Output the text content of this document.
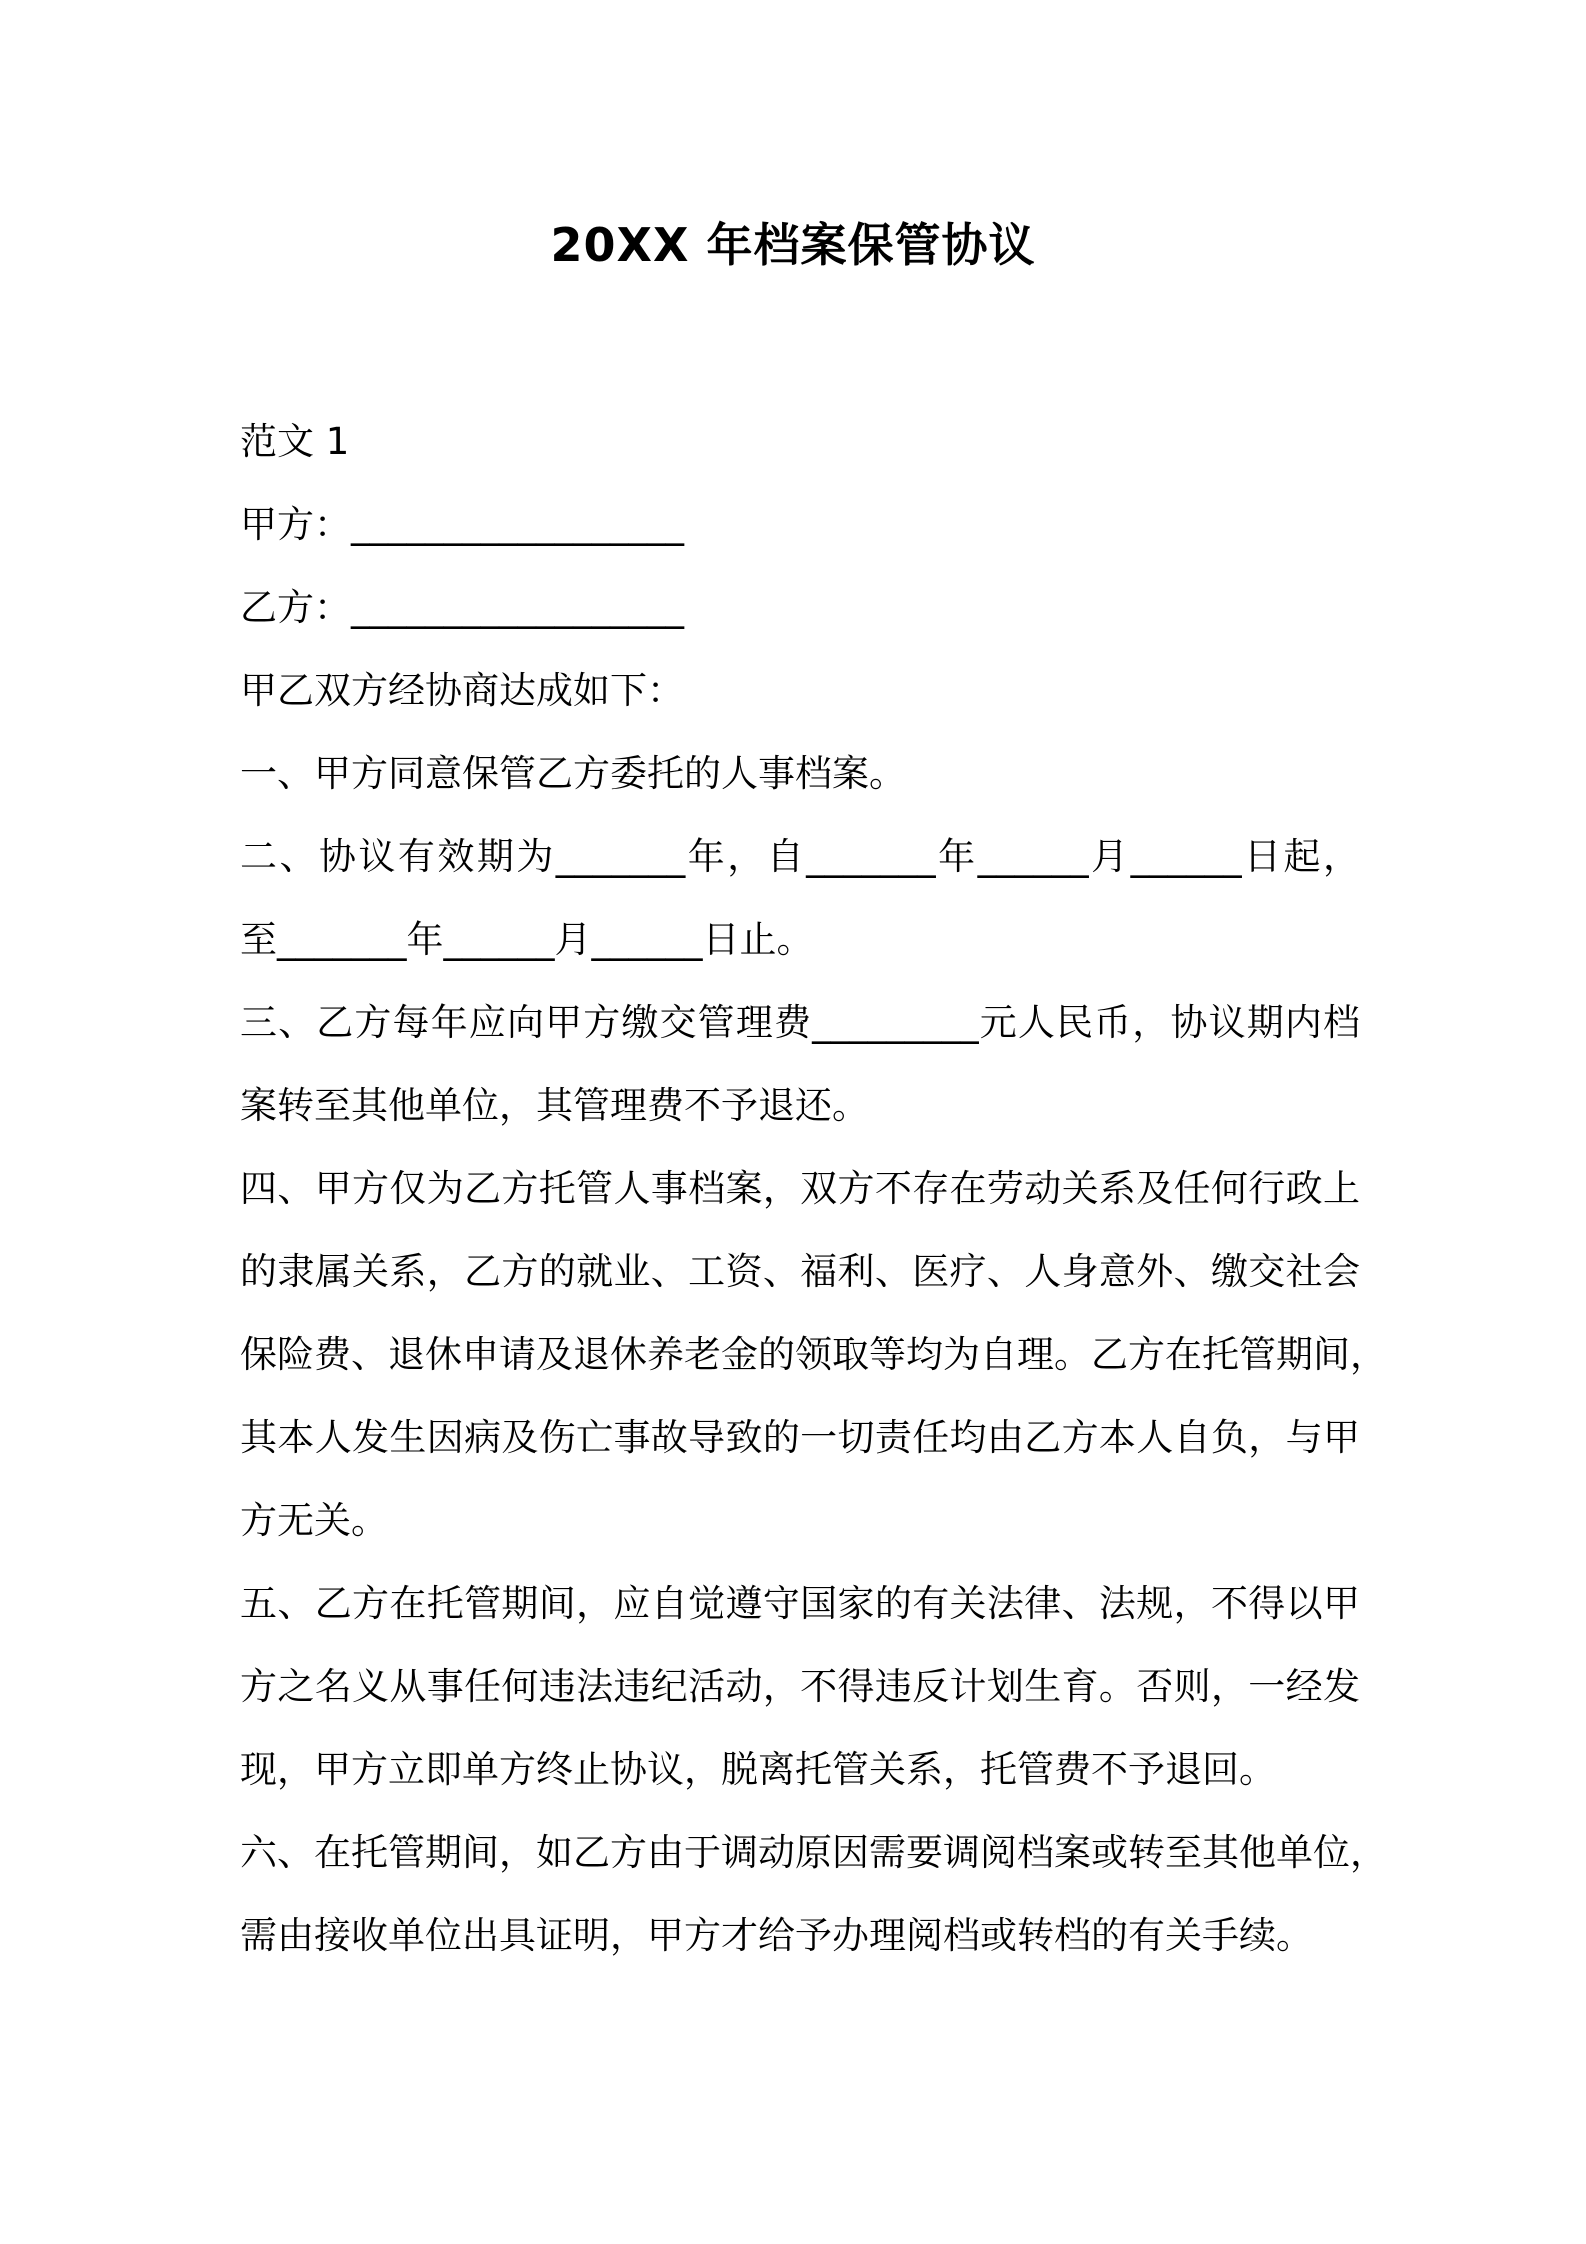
20XX 年档案保管协议
范文 1
甲方：__________________
乙方：__________________
甲乙双方经协商达成如下：
一、甲方同意保管乙方委托的人事档案。
二、协议有效期为_______年，自_______年______月______日起，
至_______年______月______日止。
三、乙方每年应向甲方缴交管理费_________元人民币，协议期内档
案转至其他单位，其管理费不予退还。
四、甲方仅为乙方托管人事档案，双方不存在劳动关系及任何行政上
的隶属关系，乙方的就业、工资、福利、医疗、人身意外、缴交社会
保险费、退休申请及退休养老金的领取等均为自理。乙方在托管期间，
其本人发生因病及伤亡事故导致的一切责任均由乙方本人自负，与甲
方无关。
五、乙方在托管期间，应自觉遵守国家的有关法律、法规，不得以甲
方之名义从事任何违法违纪活动，不得违反计划生育。否则，一经发
现，甲方立即单方终止协议，脱离托管关系，托管费不予退回。
六、在托管期间，如乙方由于调动原因需要调阅档案或转至其他单位，
需由接收单位出具证明，甲方才给予办理阅档或转档的有关手续。
